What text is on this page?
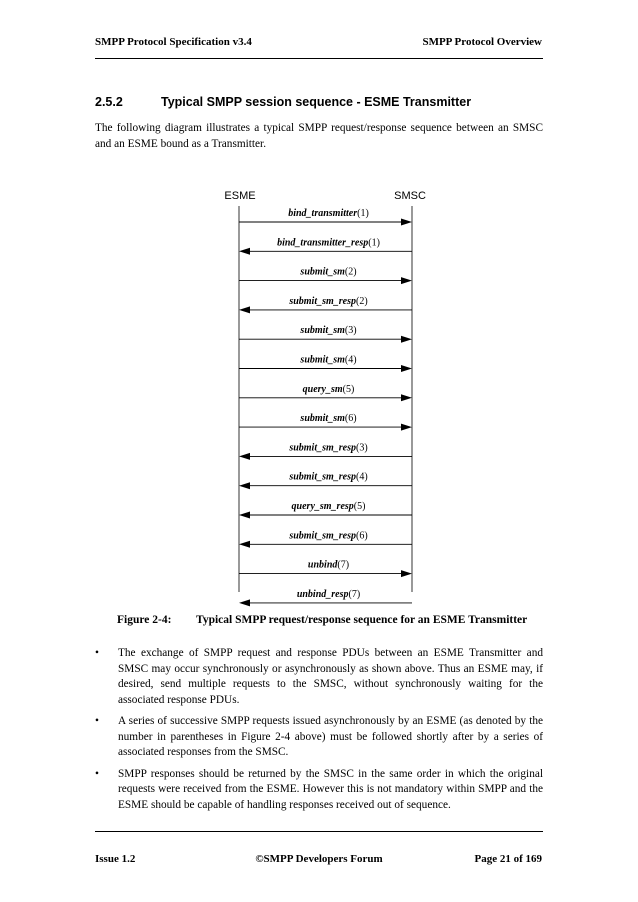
SMPP Protocol Specification v3.4	SMPP Protocol Overview
2.5.2	Typical SMPP session sequence - ESME Transmitter

The following diagram illustrates a typical SMPP request/response sequence between an SMSC and an ESME bound as a Transmitter.

ESME	SMSC
bind_transmitter(1)
bind_transmitter_resp(1)
submit_sm(2)
submit_sm_resp(2)
submit_sm(3)
submit_sm(4)
query_sm(5)
submit_sm(6)
submit_sm_resp(3)
submit_sm_resp(4)
query_sm_resp(5)
submit_sm_resp(6)
unbind(7)
unbind_resp(7)
Figure 2-4: Typical SMPP request/response sequence for an ESME Transmitter
• The exchange of SMPP request and response PDUs between an ESME Transmitter and SMSC may occur synchronously or asynchronously as shown above. Thus an ESME may, if desired, send multiple requests to the SMSC, without synchronously waiting for the associated response PDUs.
• A series of successive SMPP requests issued asynchronously by an ESME (as denoted by the number in parentheses in Figure 2-4 above) must be followed shortly after by a series of associated responses from the SMSC.
• SMPP responses should be returned by the SMSC in the same order in which the original requests were received from the ESME. However this is not mandatory within SMPP and the ESME should be capable of handling responses received out of sequence.
Issue 1.2	©SMPP Developers Forum	Page 21 of 169
